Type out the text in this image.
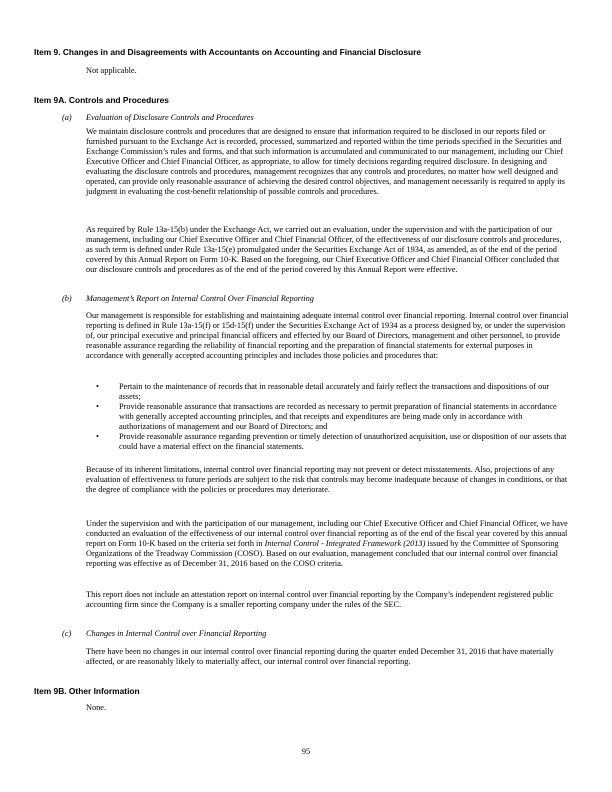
Item 9. Changes in and Disagreements with Accountants on Accounting and Financial Disclosure
Not applicable.
Item 9A. Controls and Procedures
(a) Evaluation of Disclosure Controls and Procedures

We maintain disclosure controls and procedures that are designed to ensure that information required to be disclosed in our reports filed or furnished pursuant to the Exchange Act is recorded, processed, summarized and reported within the time periods specified in the Securities and Exchange Commission’s rules and forms, and that such information is accumulated and communicated to our management, including our Chief Executive Officer and Chief Financial Officer, as appropriate, to allow for timely decisions regarding required disclosure. In designing and evaluating the disclosure controls and procedures, management recognizes that any controls and procedures, no matter how well designed and operated, can provide only reasonable assurance of achieving the desired control objectives, and management necessarily is required to apply its judgment in evaluating the cost-benefit relationship of possible controls and procedures.

As required by Rule 13a-15(b) under the Exchange Act, we carried out an evaluation, under the supervision and with the participation of our management, including our Chief Executive Officer and Chief Financial Officer, of the effectiveness of our disclosure controls and procedures, as such term is defined under Rule 13a-15(e) promulgated under the Securities Exchange Act of 1934, as amended, as of the end of the period covered by this Annual Report on Form 10-K. Based on the foregoing, our Chief Executive Officer and Chief Financial Officer concluded that our disclosure controls and procedures as of the end of the period covered by this Annual Report were effective.

(b) Management’s Report on Internal Control Over Financial Reporting

Our management is responsible for establishing and maintaining adequate internal control over financial reporting. Internal control over financial reporting is defined in Rule 13a-15(f) or 15d-15(f) under the Securities Exchange Act of 1934 as a process designed by, or under the supervision of, our principal executive and principal financial officers and effected by our Board of Directors, management and other personnel, to provide reasonable assurance regarding the reliability of financial reporting and the preparation of financial statements for external purposes in accordance with generally accepted accounting principles and includes those policies and procedures that:

• Pertain to the maintenance of records that in reasonable detail accurately and fairly reflect the transactions and dispositions of our assets;
• Provide reasonable assurance that transactions are recorded as necessary to permit preparation of financial statements in accordance with generally accepted accounting principles, and that receipts and expenditures are being made only in accordance with authorizations of management and our Board of Directors; and
• Provide reasonable assurance regarding prevention or timely detection of unauthorized acquisition, use or disposition of our assets that could have a material effect on the financial statements.

Because of its inherent limitations, internal control over financial reporting may not prevent or detect misstatements. Also, projections of any evaluation of effectiveness to future periods are subject to the risk that controls may become inadequate because of changes in conditions, or that the degree of compliance with the policies or procedures may deteriorate.

Under the supervision and with the participation of our management, including our Chief Executive Officer and Chief Financial Officer, we have conducted an evaluation of the effectiveness of our internal control over financial reporting as of the end of the fiscal year covered by this annual report on Form 10-K based on the criteria set forth in Internal Control - Integrated Framework (2013) issued by the Committee of Sponsoring Organizations of the Treadway Commission (COSO). Based on our evaluation, management concluded that our internal control over financial reporting was effective as of December 31, 2016 based on the COSO criteria.

This report does not include an attestation report on internal control over financial reporting by the Company’s independent registered public accounting firm since the Company is a smaller reporting company under the rules of the SEC.

(c) Changes in Internal Control over Financial Reporting

There have been no changes in our internal control over financial reporting during the quarter ended December 31, 2016 that have materially affected, or are reasonably likely to materially affect, our internal control over financial reporting.

Item 9B. Other Information
None.
95
